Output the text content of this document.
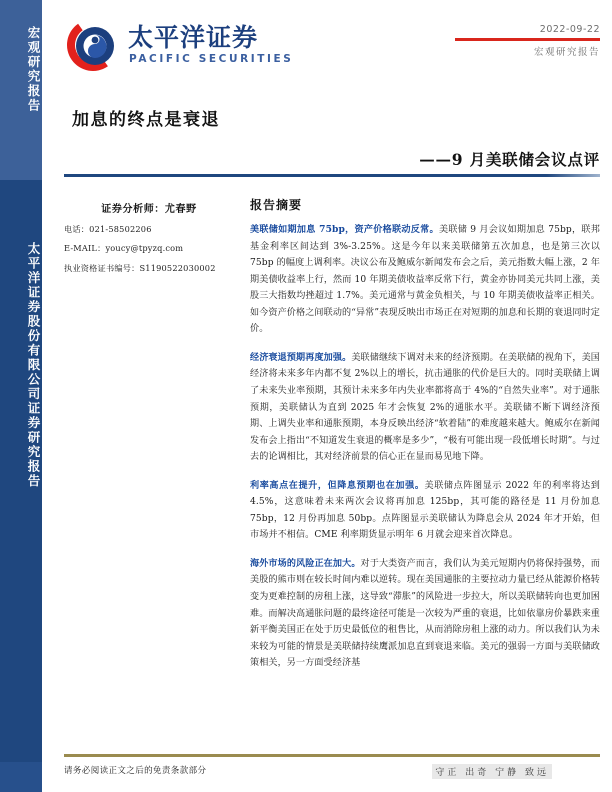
宏观研究报告
太平洋证券股份有限公司证券研究报告
太平洋证券
PACIFIC SECURITIES
2022-09-22
宏观研究报告
加息的终点是衰退
——9 月美联储会议点评
证券分析师：尤春野
电话：021-58502206
E-MAIL：youcy@tpyzq.com
执业资格证书编号：S1190522030002
报告摘要

美联储如期加息 75bp，资产价格联动反常。美联储 9 月会议如期加息 75bp，联邦基金利率区间达到 3%-3.25%。这是今年以来美联储第五次加息，也是第三次以 75bp 的幅度上调利率。决议公布及鲍威尔新闻发布会之后，美元指数大幅上涨，2 年期美债收益率上行，然而 10 年期美债收益率反常下行，黄金亦协同美元共同上涨，美股三大指数均挫超过 1.7%。美元通常与黄金负相关，与 10 年期美债收益率正相关。如今资产价格之间联动的“异常”表现反映出市场正在对短期的加息和长期的衰退同时定价。

经济衰退预期再度加强。美联储继续下调对未来的经济预期。在美联储的视角下，美国经济将未来多年内都不复 2%以上的增长，抗击通胀的代价是巨大的。同时美联储上调了未来失业率预期，其预计未来多年内失业率都将高于 4%的“自然失业率”。对于通胀预期，美联储认为直到 2025 年才会恢复 2%的通胀水平。美联储不断下调经济预期、上调失业率和通胀预期，本身反映出经济“软着陆”的难度越来越大。鲍威尔在新闻发布会上指出“不知道发生衰退的概率是多少”，“极有可能出现一段低增长时期”。与过去的论调相比，其对经济前景的信心正在显而易见地下降。

利率高点在提升，但降息预期也在加强。美联储点阵图显示 2022 年的利率将达到 4.5%，这意味着未来两次会议将再加息 125bp，其可能的路径是 11 月份加息 75bp，12 月份再加息 50bp。点阵图显示美联储认为降息会从 2024 年才开始，但市场并不相信。CME 利率期货显示明年 6 月就会迎来首次降息。

海外市场的风险正在加大。对于大类资产而言，我们认为美元短期内仍将保持强势，而美股的熊市则在较长时间内难以逆转。现在美国通胀的主要拉动力量已经从能源价格转变为更难控制的房租上涨，这导致“滞胀”的风险进一步拉大，所以美联储转向也更加困难。而解决高通胀问题的最终途径可能是一次较为严重的衰退，比如依靠房价暴跌来重新平衡美国正在处于历史最低位的租售比，从而消除房租上涨的动力。所以我们认为未来较为可能的情景是美联储持续鹰派加息直到衰退来临。美元的强弱一方面与美联储政策相关，另一方面受经济基

请务必阅读正文之后的免责条款部分	守正 出奇 宁静 致远
